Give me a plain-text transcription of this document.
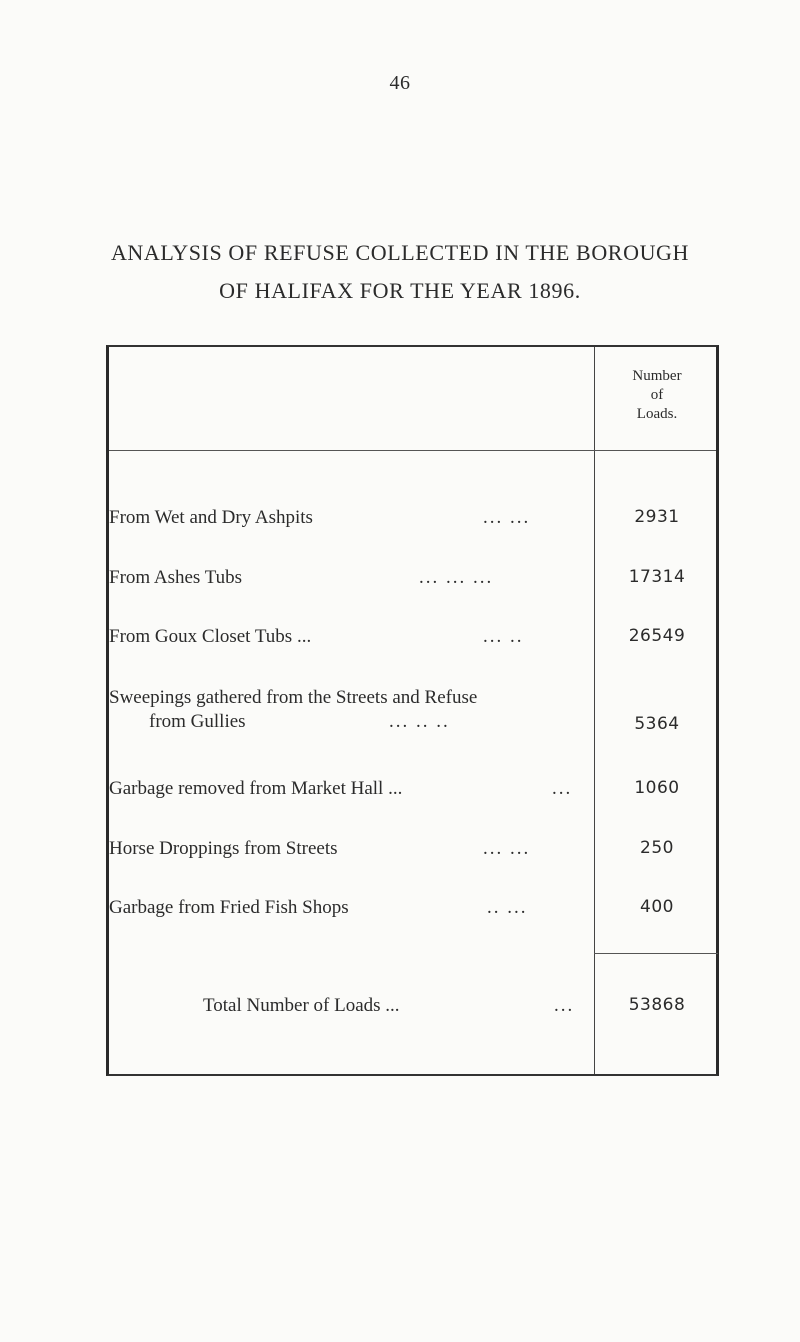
46
ANALYSIS OF REFUSE COLLECTED IN THE BOROUGH
OF HALIFAX FOR THE YEAR 1896.
Number
of
Loads.
From Wet and Dry Ashpits	... ...	2931
From Ashes Tubs	... ... ...	17314
From Goux Closet Tubs ...	... ..	26549
Sweepings gathered from the Streets and Refuse
from Gullies	... .. ..	5364
Garbage removed from Market Hall ...	...	1060
Horse Droppings from Streets	... ...	250
Garbage from Fried Fish Shops	.. ...	400
Total Number of Loads ...	...	53868
